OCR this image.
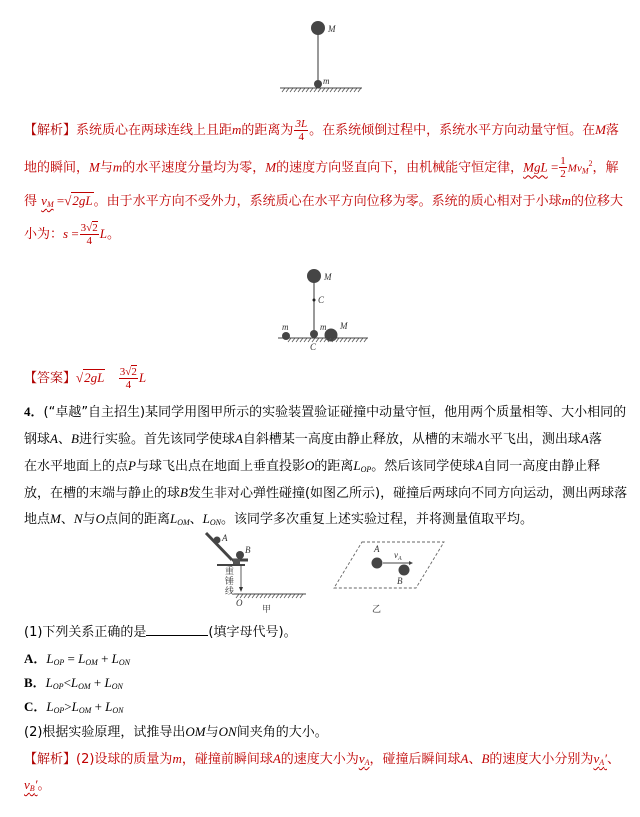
M
m
【解析】系统质心在两球连线上且距m的距离为 $\frac{3L}{4}$ 。在系统倾倒过程中，系统水平方向动量守恒。在M落
地的瞬间，M与m的水平速度分量均为零，M的速度方向竖直向下，由机械能守恒定律，MgL = $\frac{1}{2} Mv_M^2$，解
得 $v_M =√2gL$。由于水平方向不受外力，系统质心在水平方向位移为零。系统的质心相对于小球m的位移大
小为：$s = \frac{3√2}{4}$ L。
M
C
m	m M
C
【答案】$√2gL \frac{3√2}{4}$ L
4．(“卓越”自主招生)某同学用图甲所示的实验装置验证碰撞中动量守恒，他用两个质量相等、大小相同的
钢球A、B进行实验。首先该同学使球A自斜槽某一高度由静止释放，从槽的末端水平飞出，测出球A落
在水平地面上的点P与球飞出点在地面上垂直投影O的距离$L_{OP}$。然后该同学使球A自同一高度由静止释
放，在槽的末端与静止的球B发生非对心弹性碰撞(如图乙所示)，碰撞后两球向不同方向运动，测出两球落
地点M、N与O点间的距离$L_{OM}$、$L_{ON}$。该同学多次重复上述实验过程，并将测量值取平均。
A
B
重
锤
线
O
甲
A
$v_A$
B
乙
(1)下列关系正确的是	(填字母代号)。
A．$L_{OP} = L_{OM} + L_{ON}$
B．$L_{OP}<L_{OM} + L_{ON}$
C．$L_{OP}>L_{OM} + L_{ON}$
(2)根据实验原理，试推导出OM与ON间夹角的大小。
【解析】(2)设球的质量为m，碰撞前瞬间球A的速度大小为$v_A$，碰撞后瞬间球A、B的速度大小分别为$v_A'$、
$v_B'$。
